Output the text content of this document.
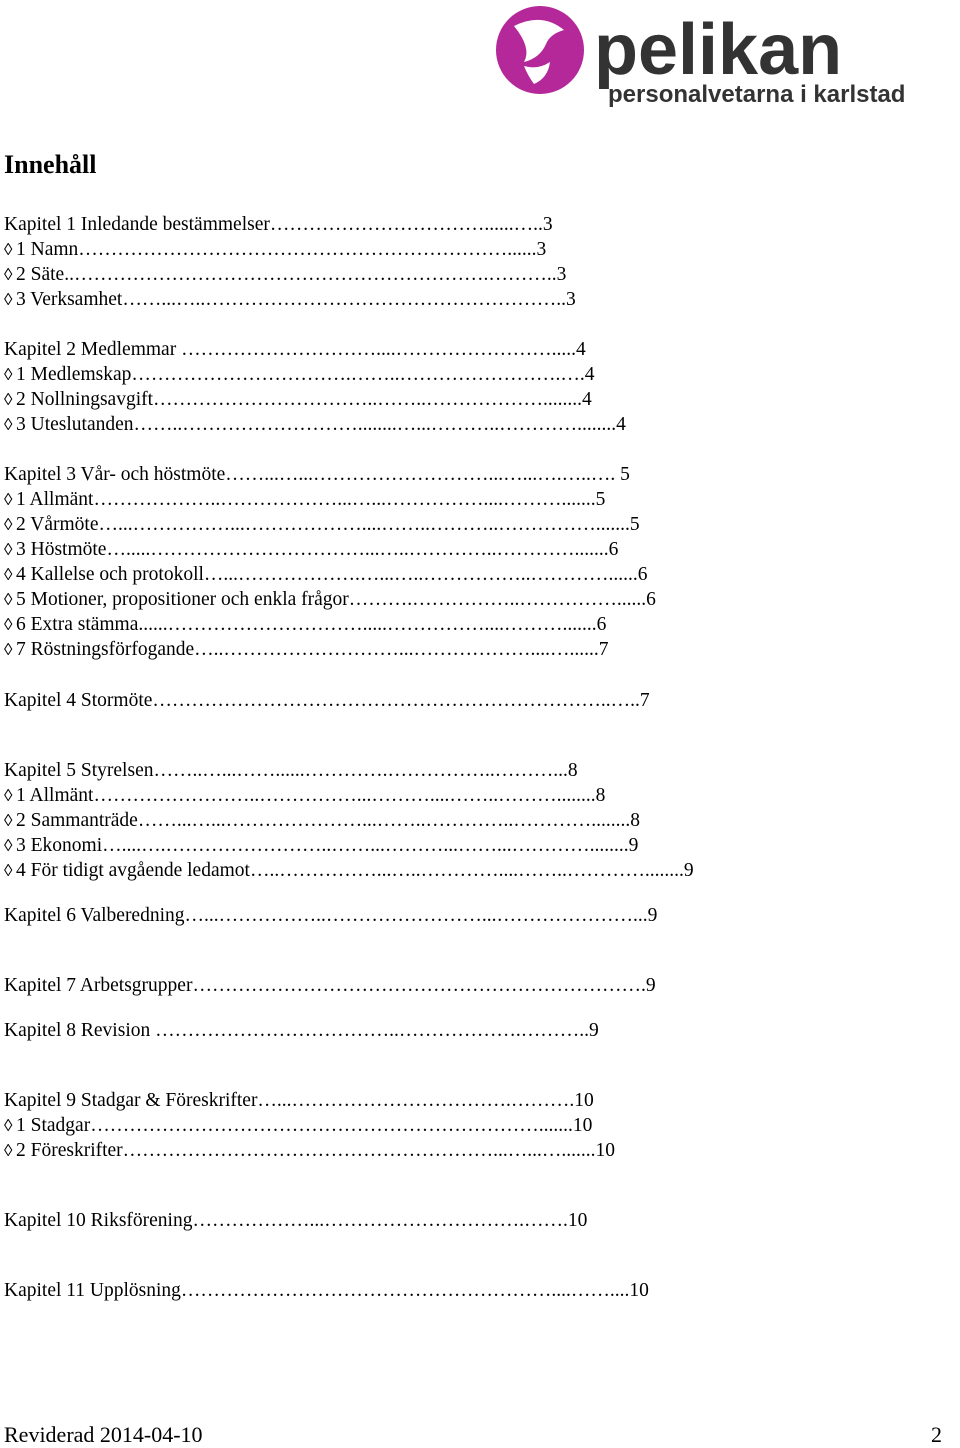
pelikan
personalvetarna i karlstad
Innehåll
Kapitel 1 Inledande bestämmelser……………………………......…..3
◊ 1 Namn…………………………………………………………......3
◊ 2 Säte..……………………………………………………….………..3
◊ 3 Verksamhet……...…..………………………………………………..3
Kapitel 2 Medlemmar …………………………....…………………….....4
◊ 1 Medlemskap…………………………….……..…………………….….4
◊ 2 Nollningsavgift……………………………..……..………………........4
◊ 3 Uteslutanden……..………………………........…...………..…………........4
Kapitel 3 Vår- och höstmöte……...…...………………………...…...….…..…. 5
◊ 1 Allmänt………………..………………...…...……………....……….......5
◊ 2 Vårmöte…...……………...………………....……..………..…………….......5
◊ 3 Höstmöte….....……………………………...…..…………..………….......6
◊ 4 Kallelse och protokoll…...……………….…...…..……………..…………......6
◊ 5 Motioner, propositioner och enkla frågor……….……………..……………......6
◊ 6 Extra stämma......………………………….....……………....……….......6
◊ 7 Röstningsförfogande…..………………………...………………....…......7
Kapitel 4 Stormöte……………………………………………………………..…..7
Kapitel 5 Styrelsen……..…...……......………….……………..………...8
◊ 1 Allmänt……………………..……………...………....……..………........8
◊ 2 Sammanträde……...…...…………………...……..…………..…………........8
◊ 3 Ekonomi…....….……………………..……...………...……...…………........9
◊ 4 För tidigt avgående ledamot…..……………...…..…………....……..…………........9
Kapitel 6 Valberedning…...……………..……………………...…………………...9
Kapitel 7 Arbetsgrupper…………………………………………………………….9
Kapitel 8 Revision ………………………………..……………….………..9
Kapitel 9 Stadgar & Föreskrifter…...…………………………….……….10
◊ 1 Stadgar…………………………………………………………….......10
◊ 2 Föreskrifter…………………………………………………...…...….......10
Kapitel 10 Riksförening………………...………………………….…….10
Kapitel 11 Upplösning…………………………………………………....……....10
Reviderad 2014-04-10	2
